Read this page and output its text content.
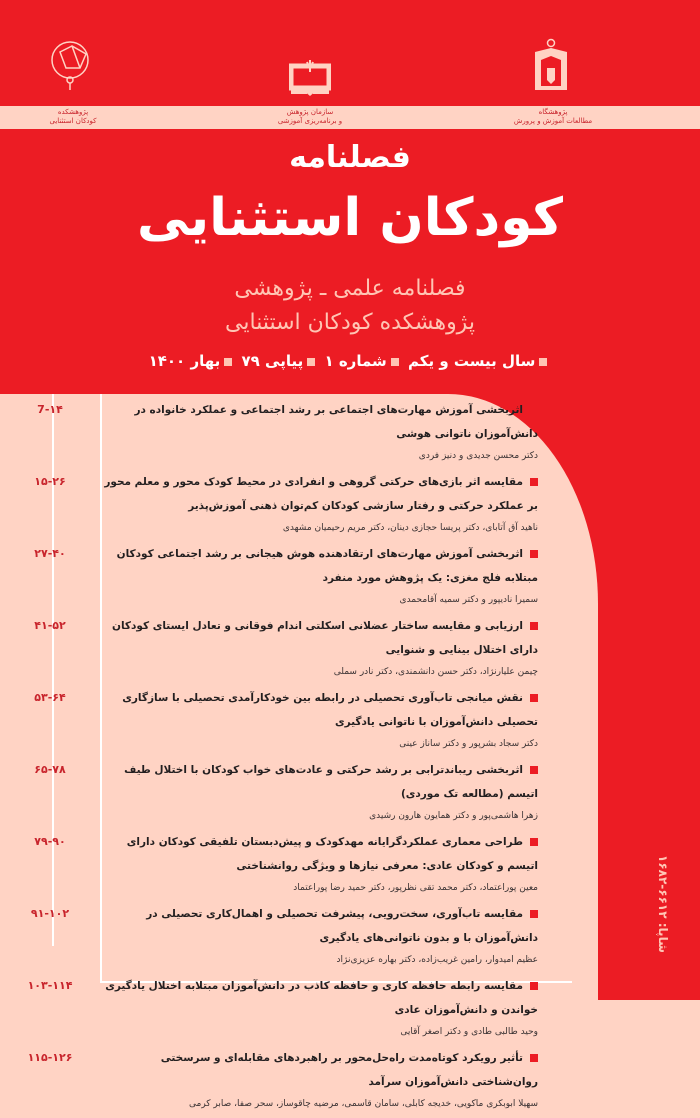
پژوهشکده
کودکان استثنایی
سازمان پژوهش
و برنامه‌ریزی آموزشی
پژوهشگاه
مطالعات آموزش و پرورش
فصلنامه
کودکان استثنایی
فصلنامه علمی ـ پژوهشی
پژوهشکده کودکان استثنایی
سال بیست و یکم شماره ۱ پیاپی ۷۹ بهار ۱۴۰۰
7-۱۴	اثربخشی آموزش مهارت‌های اجتماعی بر رشد اجتماعی و عملکرد خانواده در دانش‌آموزان ناتوانی هوشی
دکتر محسن جدیدی و دنیز فردی
۱۵-۲۶	مقایسه اثر بازی‌های حرکتی گروهی و انفرادی در محیط کودک محور و معلم محور بر عملکرد حرکتی و رفتار سازشی کودکان کم‌توان ذهنی آموزش‌پذیر
ناهید آق آتابای، دکتر پریسا حجازی دینان، دکتر مریم رحیمیان مشهدی
۲۷-۴۰	اثربخشی آموزش مهارت‌های ارتقادهنده هوش هیجانی بر رشد اجتماعی کودکان مبتلابه فلج مغزی: یک پژوهش مورد منفرد
سمیرا نادیپور و دکتر سمیه آقامحمدی
۴۱-۵۲	ارزیابی و مقایسه ساختار عضلانی اسکلتی اندام فوقانی و تعادل ایستای کودکان دارای اختلال بینایی و شنوایی
چیمن علیارنژاد، دکتر حسن دانشمندی، دکتر نادر سملی
۵۳-۶۴	نقش میانجی تاب‌آوری تحصیلی در رابطه بین خودکارآمدی تحصیلی با سازگاری تحصیلی دانش‌آموزان با ناتوانی یادگیری
دکتر سجاد بشرپور و دکتر ساناز عینی
۶۵-۷۸	اثربخشی ریباندترابی بر رشد حرکتی و عادت‌های خواب کودکان با اختلال طیف اتیسم (مطالعه تک موردی)
زهرا هاشمی‌پور و دکتر همایون هارون رشیدی
۷۹-۹۰	طراحی معماری عملکردگرایانه مهدکودک و پیش‌دبستان تلفیقی کودکان دارای اتیسم و کودکان عادی: معرفی نیازها و ویژگی روانشناختی
معین پوراعتماد، دکتر محمد تقی نظرپور، دکتر حمید رضا پوراعتماد
۹۱-۱۰۲	مقایسه تاب‌آوری، سخت‌رویی، پیشرفت تحصیلی و اهمال‌کاری تحصیلی در دانش‌آموزان با و بدون ناتوانی‌های یادگیری
عظیم امیدوار، رامین غریب‌زاده، دکتر بهاره عزیزی‌نژاد
۱۰۳-۱۱۴	مقایسه رابطه حافظه کاری و حافظه کاذب در دانش‌آموزان مبتلابه اختلال یادگیری خواندن و دانش‌آموزان عادی
وحید طالبی طادی و دکتر اصغر آقایی
۱۱۵-۱۲۶	تأثیر رویکرد کوتاه‌مدت راه‌حل‌محور بر راهبردهای مقابله‌ای و سرسختی روان‌شناختی دانش‌آموزان سرآمد
سهیلا ابوبکری ماکویی، خدیجه کابلی، سامان قاسمی، مرضیه چاقوساز، سحر صفا، صابر کرمی
شاپا: ۶۶۱۲-۱۶۸۲
